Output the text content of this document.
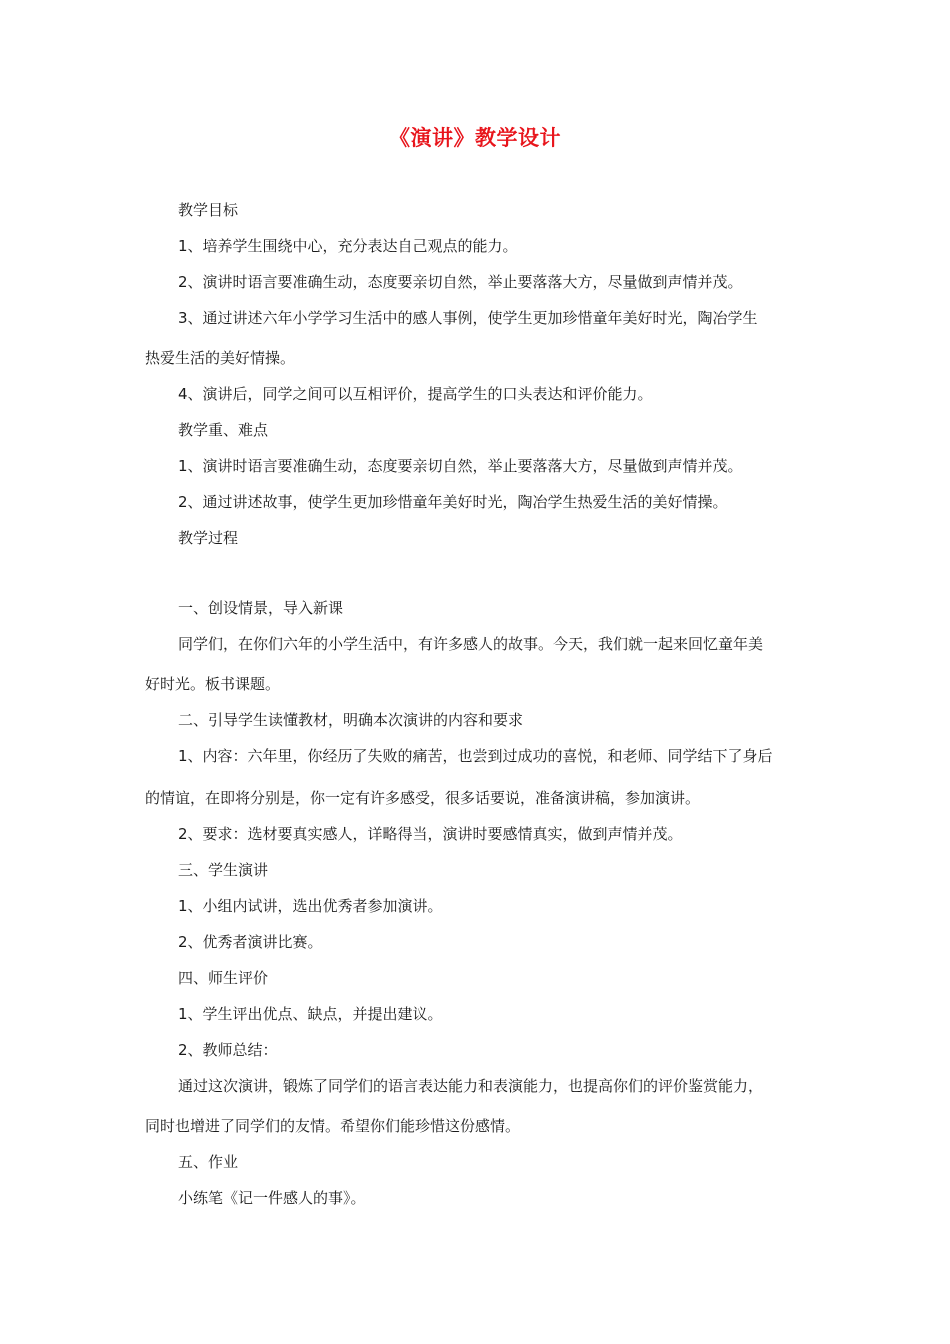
《演讲》教学设计
教学目标
1、培养学生围绕中心，充分表达自己观点的能力。
2、演讲时语言要准确生动，态度要亲切自然，举止要落落大方，尽量做到声情并茂。
3、通过讲述六年小学学习生活中的感人事例，使学生更加珍惜童年美好时光，陶冶学生
热爱生活的美好情操。
4、演讲后，同学之间可以互相评价，提高学生的口头表达和评价能力。
教学重、难点
1、演讲时语言要准确生动，态度要亲切自然，举止要落落大方，尽量做到声情并茂。
2、通过讲述故事，使学生更加珍惜童年美好时光，陶冶学生热爱生活的美好情操。
教学过程
一、创设情景，导入新课
同学们，在你们六年的小学生活中，有许多感人的故事。今天，我们就一起来回忆童年美
好时光。板书课题。
二、引导学生读懂教材，明确本次演讲的内容和要求
1、内容：六年里，你经历了失败的痛苦，也尝到过成功的喜悦，和老师、同学结下了身后
的情谊，在即将分别是，你一定有许多感受，很多话要说，准备演讲稿，参加演讲。
2、要求：选材要真实感人，详略得当，演讲时要感情真实，做到声情并茂。
三、学生演讲
1、小组内试讲，选出优秀者参加演讲。
2、优秀者演讲比赛。
四、师生评价
1、学生评出优点、缺点，并提出建议。
2、教师总结：
通过这次演讲，锻炼了同学们的语言表达能力和表演能力，也提高你们的评价鉴赏能力，
同时也增进了同学们的友情。希望你们能珍惜这份感情。
五、作业
小练笔《记一件感人的事》。
